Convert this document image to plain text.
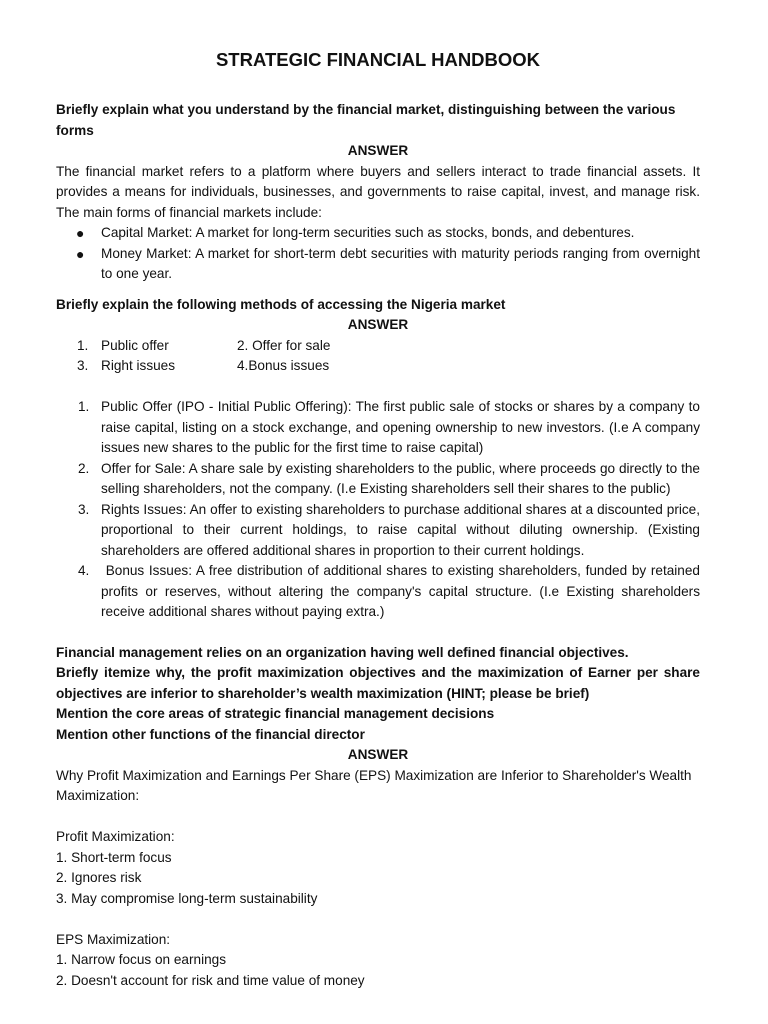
STRATEGIC FINANCIAL HANDBOOK
Briefly explain what you understand by the financial market, distinguishing between the various forms
ANSWER
The financial market refers to a platform where buyers and sellers interact to trade financial assets. It provides a means for individuals, businesses, and governments to raise capital, invest, and manage risk. The main forms of financial markets include:
● Capital Market: A market for long-term securities such as stocks, bonds, and debentures.
● Money Market: A market for short-term debt securities with maturity periods ranging from overnight to one year.
Briefly explain the following methods of accessing the Nigeria market
ANSWER
1. Public offer	2. Offer for sale
3. Right issues	4.Bonus issues
1. Public Offer (IPO - Initial Public Offering): The first public sale of stocks or shares by a company to raise capital, listing on a stock exchange, and opening ownership to new investors. (I.e A company issues new shares to the public for the first time to raise capital)
2. Offer for Sale: A share sale by existing shareholders to the public, where proceeds go directly to the selling shareholders, not the company. (I.e Existing shareholders sell their shares to the public)
3. Rights Issues: An offer to existing shareholders to purchase additional shares at a discounted price, proportional to their current holdings, to raise capital without diluting ownership. (Existing shareholders are offered additional shares in proportion to their current holdings.
4. Bonus Issues: A free distribution of additional shares to existing shareholders, funded by retained profits or reserves, without altering the company's capital structure. (I.e Existing shareholders receive additional shares without paying extra.)
Financial management relies on an organization having well defined financial objectives.
Briefly itemize why, the profit maximization objectives and the maximization of Earner per share objectives are inferior to shareholder’s wealth maximization (HINT; please be brief)
Mention the core areas of strategic financial management decisions
Mention other functions of the financial director
ANSWER
Why Profit Maximization and Earnings Per Share (EPS) Maximization are Inferior to Shareholder's Wealth Maximization:
Profit Maximization:
1. Short-term focus
2. Ignores risk
3. May compromise long-term sustainability
EPS Maximization:
1. Narrow focus on earnings
2. Doesn't account for risk and time value of money
